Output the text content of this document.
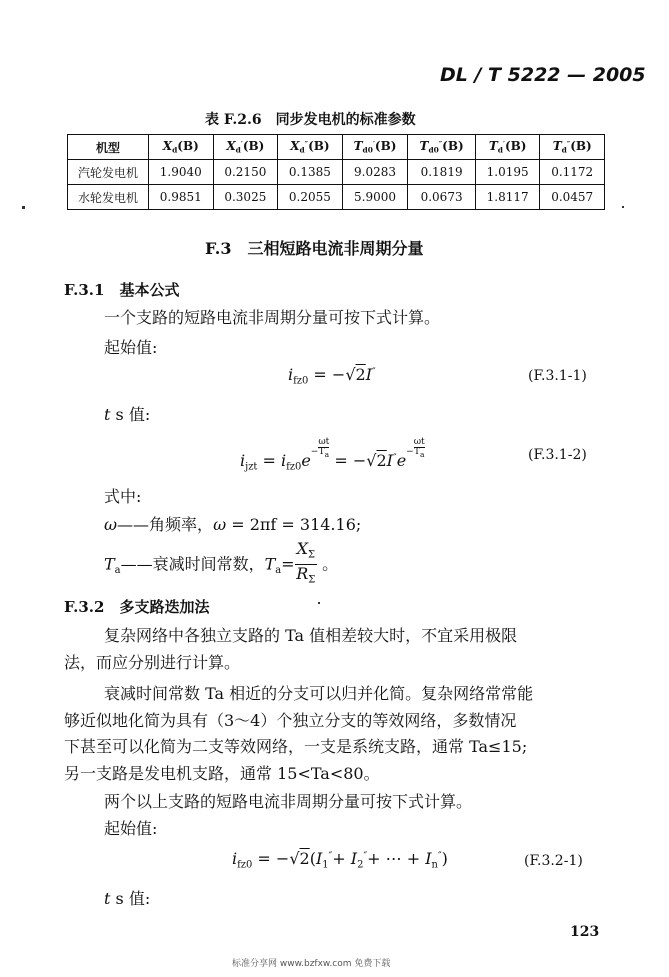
DL / T 5222 — 2005
表 F.2.6　同步发电机的标准参数
机型	$X_d(B)$	$X_d'(B)$	$X_d''(B)$	$T_{d0}'(B)$	$T_{d0}''(B)$	$T_d'(B)$	$T_d''(B)$
汽轮发电机	1.9040	0.2150	0.1385	9.0283	0.1819	1.0195	0.1172
水轮发电机	0.9851	0.3025	0.2055	5.9000	0.0673	1.8117	0.0457
F.3　三相短路电流非周期分量
F.3.1　基本公式
一个支路的短路电流非周期分量可按下式计算。
起始值:
$i_{fz0} = -√2I''$	(F.3.1-1)
t s 值:
$i_{jzt} = i_{fz0}e- \frac{\omega t}{T_a}$
= $-√2I''e- \frac{\omega t}{T_a}$	(F.3.1-2)
式中:
ω——角频率，ω = 2πf = 314.16;
$T_a——$衰减时间常数，$T_a= \frac{X_\Sigma}{R_\Sigma}$ 。
F.3.2　多支路迭加法
复杂网络中各独立支路的 Ta 值相差较大时，不宜采用极限
法，而应分别进行计算。
衰减时间常数 Ta 相近的分支可以归并化简。复杂网络常常能
够近似地化简为具有（3～4）个独立分支的等效网络，多数情况
下甚至可以化简为二支等效网络，一支是系统支路，通常 Ta≤15;
另一支路是发电机支路，通常 15<Ta<80。
两个以上支路的短路电流非周期分量可按下式计算。
起始值:
$i_{fz0} = -√2(I_1''+ I_2''+$ ⋯ + $I_n''$)	(F.3.2-1)
t s 值:
123
标准分享网 www.bzfxw.com 免费下载
